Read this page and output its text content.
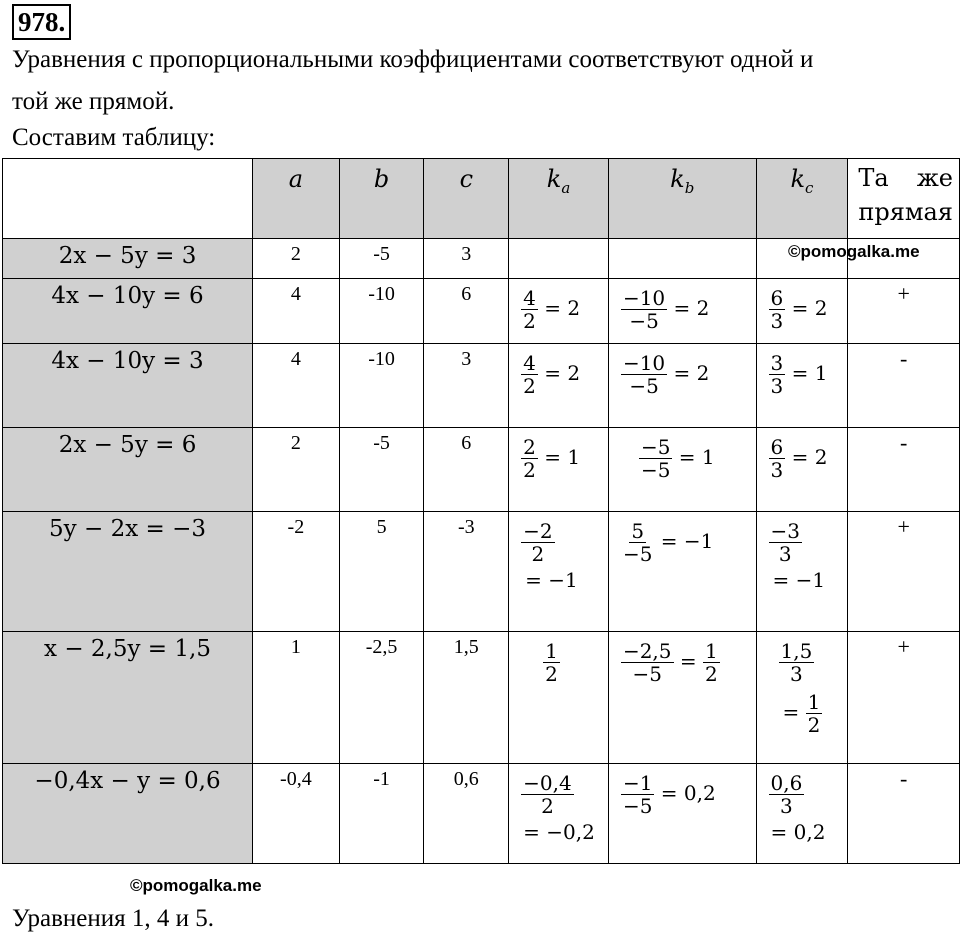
978.
Уравнения с пропорциональными коэффициентами соответствуют одной и
той же прямой.
Составим таблицу:
	a	b	c	$k_a$	$k_b$	$k_c$	Та же прямая
2x − 5y = 3	2	-5	3				
4x − 10y = 6	4	-10	6	$\frac{4}{2} = 2$	$\frac{-10}{-5} = 2$	$\frac{6}{3} = 2$	+
4x − 10y = 3	4	-10	3	$\frac{4}{2} = 2$	$\frac{-10}{-5} = 2$	$\frac{3}{3} = 1$	-
2x − 5y = 6	2	-5	6	$\frac{2}{2} = 1$	$\frac{-5}{-5} = 1$	$\frac{6}{3} = 2$	-
5y − 2x = −3	-2	5	-3	$\frac{-2}{2}$
= −1	$\frac{5}{-5} = -1$	$\frac{-3}{3}$
= −1	+
x − 2,5y = 1,5	1	-2,5	1,5	$\frac{1}{2}$	$\frac{-2,5}{-5} = \frac{1}{2}$	$\frac{1,5}{3}$
= $\frac{1}{2}$	+
−0,4x − y = 0,6	-0,4	-1	0,6	$\frac{-0,4}{2}$
= −0,2	$\frac{-1}{-5} = 0,2$	$\frac{0,6}{3}$
= 0,2	-
©pomogalka.me
©pomogalka.me
Уравнения 1, 4 и 5.
